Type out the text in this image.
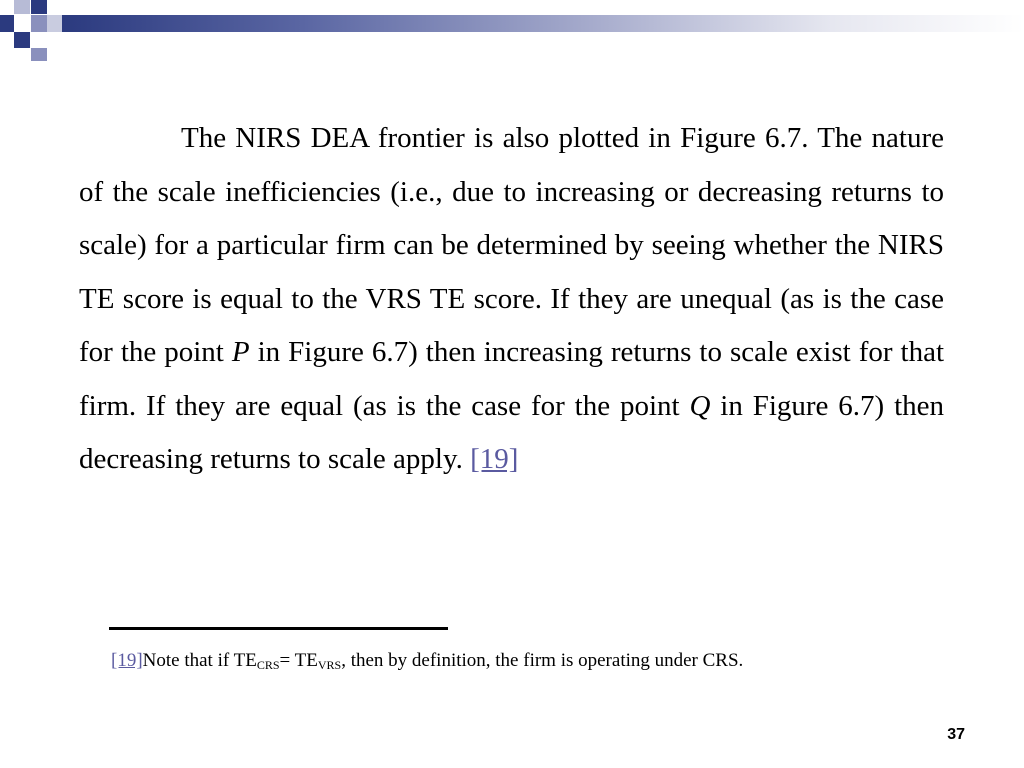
The NIRS DEA frontier is also plotted in Figure 6.7. The nature of the scale inefficiencies (i.e., due to increasing or decreasing returns to scale) for a particular firm can be determined by seeing whether the NIRS TE score is equal to the VRS TE score. If they are unequal (as is the case for the point P in Figure 6.7) then increasing returns to scale exist for that firm. If they are equal (as is the case for the point Q in Figure 6.7) then decreasing returns to scale apply. [19]

[19]Note that if $TE_{CRS}= TE_{VRS}$, then by definition, the firm is operating under CRS.
37
